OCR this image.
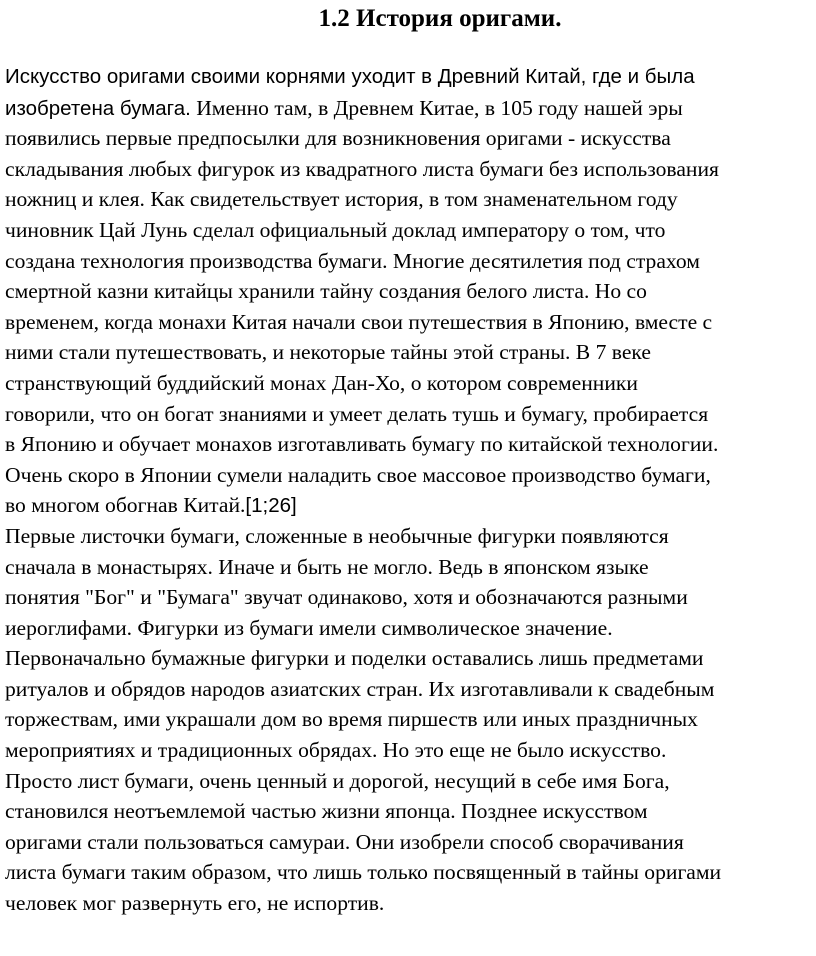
1.2 История оригами.
Искусство оригами своими корнями уходит в Древний Китай, где и была
изобретена бумага. Именно там, в Древнем Китае, в 105 году нашей эры
появились первые предпосылки для возникновения оригами - искусства
складывания любых фигурок из квадратного листа бумаги без использования
ножниц и клея. Как свидетельствует история, в том знаменательном году
чиновник Цай Лунь сделал официальный доклад императору о том, что
создана технология производства бумаги. Многие десятилетия под страхом
смертной казни китайцы хранили тайну создания белого листа. Но со
временем, когда монахи Китая начали свои путешествия в Японию, вместе с
ними стали путешествовать, и некоторые тайны этой страны. В 7 веке
странствующий буддийский монах Дан-Хо, о котором современники
говорили, что он богат знаниями и умеет делать тушь и бумагу, пробирается
в Японию и обучает монахов изготавливать бумагу по китайской технологии.
Очень скоро в Японии сумели наладить свое массовое производство бумаги,
во многом обогнав Китай.[1;26]
Первые листочки бумаги, сложенные в необычные фигурки появляются
сначала в монастырях. Иначе и быть не могло. Ведь в японском языке
понятия "Бог" и "Бумага" звучат одинаково, хотя и обозначаются разными
иероглифами. Фигурки из бумаги имели символическое значение.
Первоначально бумажные фигурки и поделки оставались лишь предметами
ритуалов и обрядов народов азиатских стран. Их изготавливали к свадебным
торжествам, ими украшали дом во время пиршеств или иных праздничных
мероприятиях и традиционных обрядах. Но это еще не было искусство.
Просто лист бумаги, очень ценный и дорогой, несущий в себе имя Бога,
становился неотъемлемой частью жизни японца. Позднее искусством
оригами стали пользоваться самураи. Они изобрели способ сворачивания
листа бумаги таким образом, что лишь только посвященный в тайны оригами
человек мог развернуть его, не испортив.
